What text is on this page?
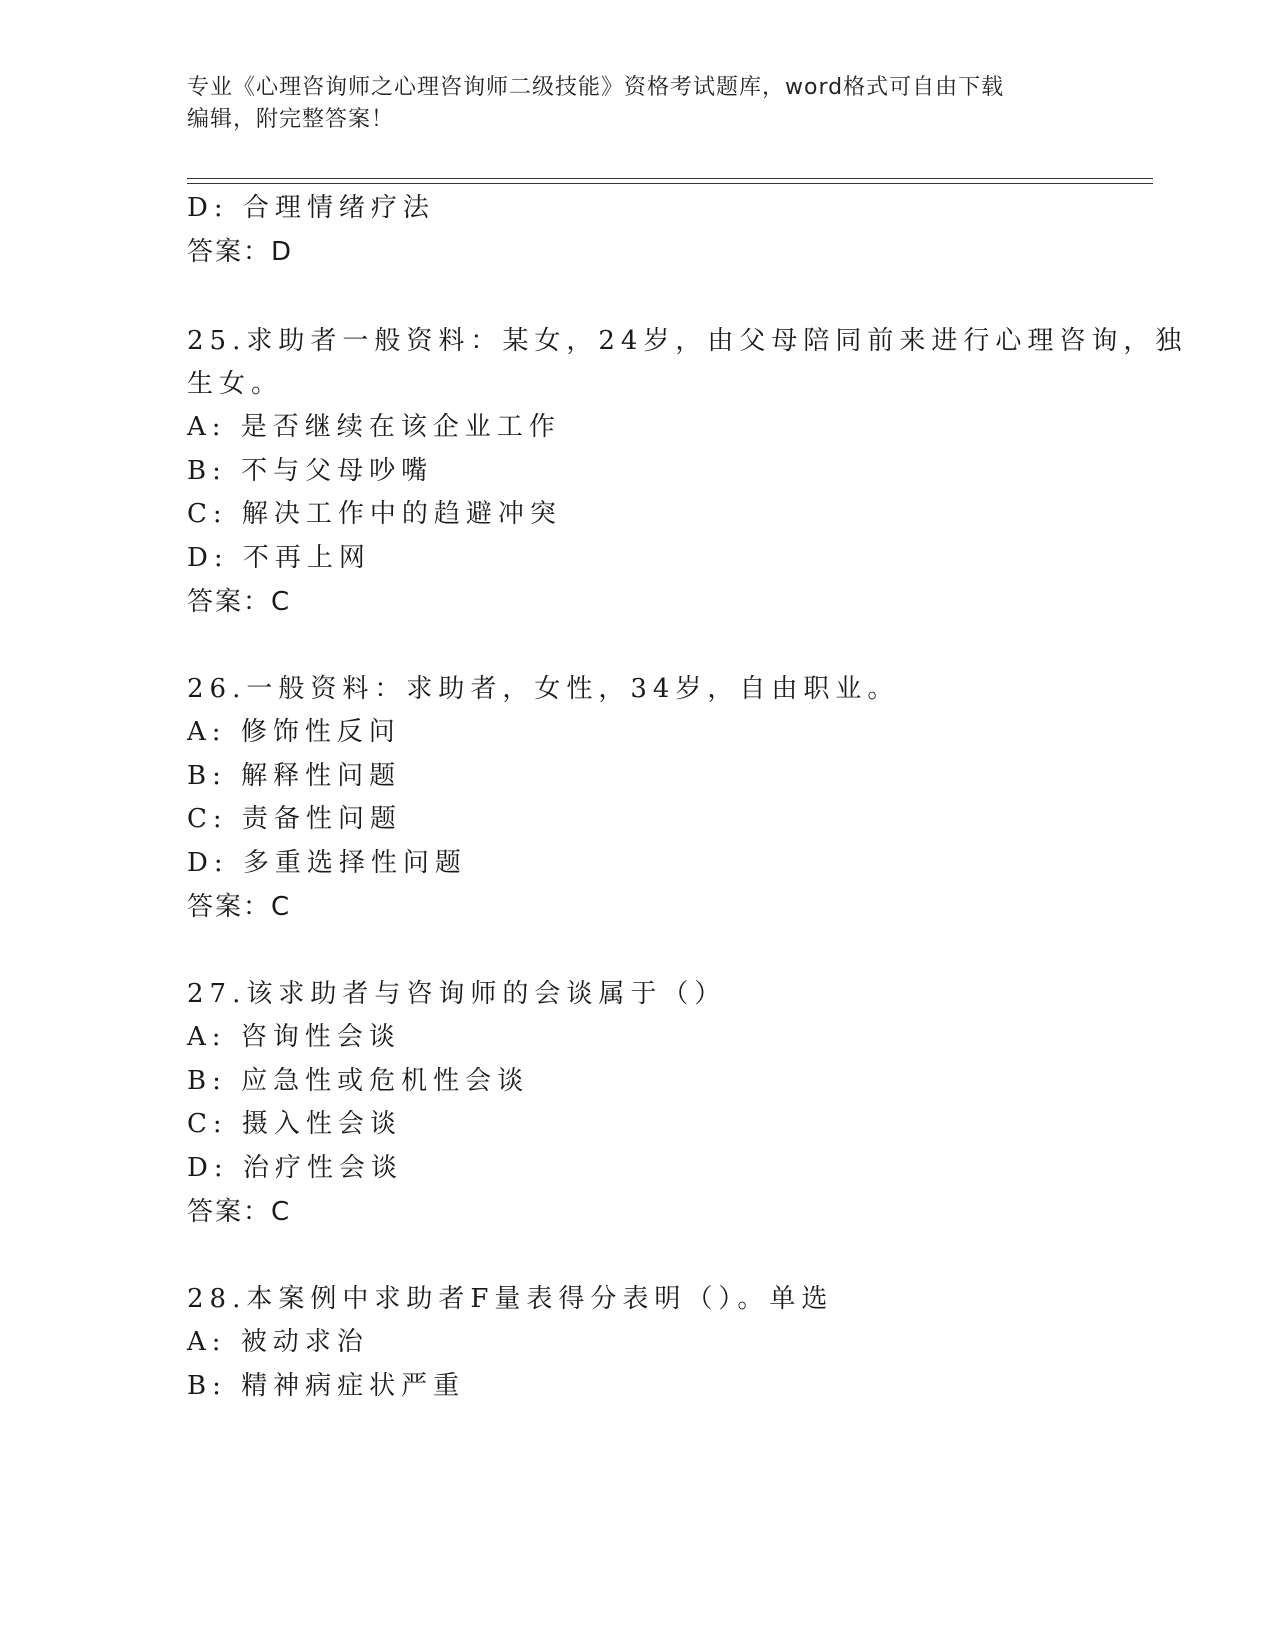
专业《心理咨询师之心理咨询师二级技能》资格考试题库，word格式可自由下载
编辑，附完整答案！
D: 合理情绪疗法
答案：D
25.求助者一般资料：某女，24岁，由父母陪同前来进行心理咨询，独
生女。
A: 是否继续在该企业工作
B: 不与父母吵嘴
C: 解决工作中的趋避冲突
D: 不再上网
答案：C
26.一般资料：求助者，女性，34岁，自由职业。
A: 修饰性反问
B: 解释性问题
C: 责备性问题
D: 多重选择性问题
答案：C
27.该求助者与咨询师的会谈属于（）
A: 咨询性会谈
B: 应急性或危机性会谈
C: 摄入性会谈
D: 治疗性会谈
答案：C
28.本案例中求助者F量表得分表明（）。单选
A: 被动求治
B: 精神病症状严重
